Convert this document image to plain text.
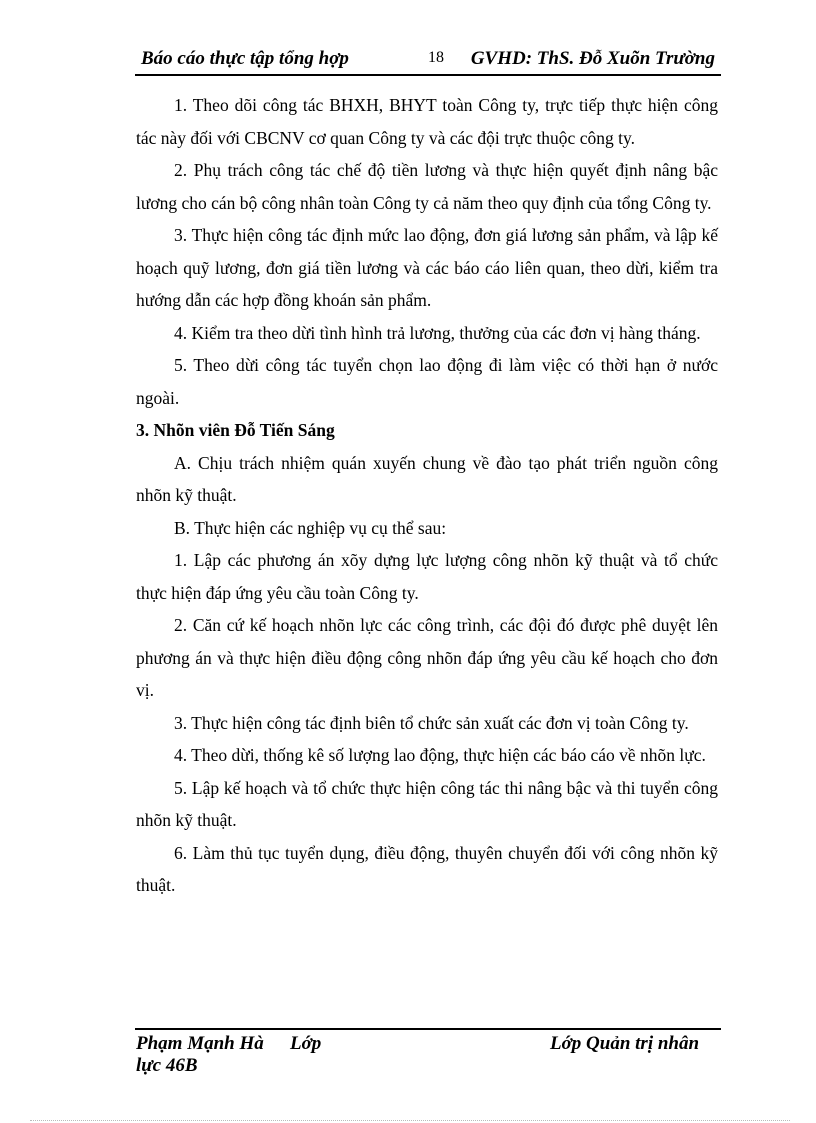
Báo cáo thực tập tổng hợp	18 GVHD: ThS. Đỗ Xuõn Trường

1. Theo dõi công tác BHXH, BHYT toàn Công ty, trực tiếp thực hiện công tác này đối với CBCNV cơ quan Công ty và các đội trực thuộc công ty.

2. Phụ trách công tác chế độ tiền lương và thực hiện quyết định nâng bậc lương cho cán bộ công nhân toàn Công ty cả năm theo quy định của tổng Công ty.

3. Thực hiện công tác định mức lao động, đơn giá lương sản phẩm, và lập kế hoạch quỹ lương, đơn giá tiền lương và các báo cáo liên quan, theo dừi, kiểm tra hướng dẫn các hợp đồng khoán sản phẩm.

4. Kiểm tra theo dừi tình hình trả lương, thưởng của các đơn vị hàng tháng.

5. Theo dừi công tác tuyển chọn lao động đi làm việc có thời hạn ở nước ngoài.

3. Nhõn viên Đỗ Tiến Sáng

A. Chịu trách nhiệm quán xuyến chung về đào tạo phát triển nguồn công nhõn kỹ thuật.

B. Thực hiện các nghiệp vụ cụ thể sau:

1. Lập các phương án xõy dựng lực lượng công nhõn kỹ thuật và tổ chức thực hiện đáp ứng yêu cầu toàn Công ty.

2. Căn cứ kế hoạch nhõn lực các công trình, các đội đó được phê duyệt lên phương án và thực hiện điều động công nhõn đáp ứng yêu cầu kế hoạch cho đơn vị.

3. Thực hiện công tác định biên tổ chức sản xuất các đơn vị toàn Công ty.

4. Theo dừi, thống kê số lượng lao động, thực hiện các báo cáo về nhõn lực.

5. Lập kế hoạch và tổ chức thực hiện công tác thi nâng bậc và thi tuyển công nhõn kỹ thuật.

6. Làm thủ tục tuyển dụng, điều động, thuyên chuyển đối với công nhõn kỹ thuật.

Phạm Mạnh Hà Lớp	Lớp Quản trị nhân
lực 46B
